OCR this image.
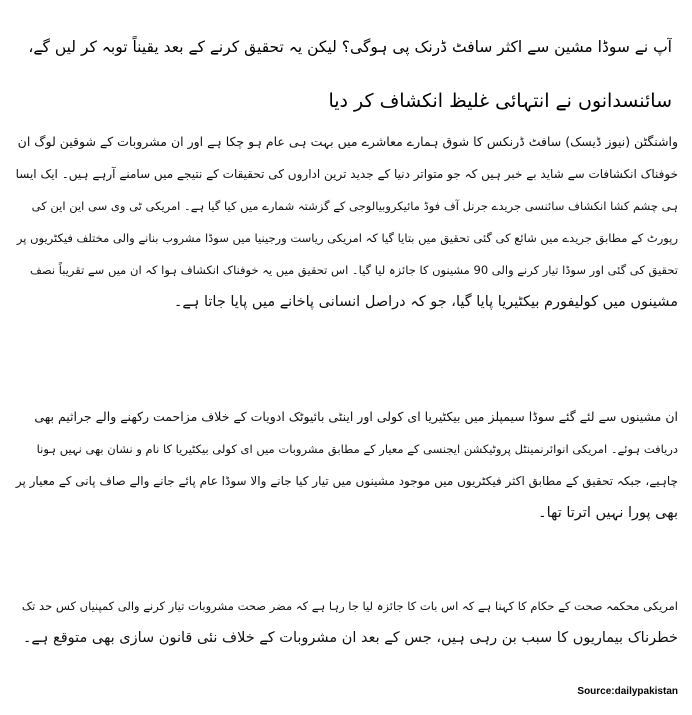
آپ نے سوڈا مشین سے اکثر سافٹ ڈرنک پی ہوگی؟ لیکن یہ تحقیق کرنے کے بعد یقیناً توبہ کر لیں گے،
سائنسدانوں نے انتہائی غلیظ انکشاف کر دیا
واشنگٹن (نیوز ڈیسک) سافٹ ڈرنکس کا شوق ہمارے معاشرے میں بہت ہی عام ہو چکا ہے اور ان مشروبات کے شوقین لوگ ان
خوفناک انکشافات سے شاید بے خبر ہیں کہ جو متواتر دنیا کے جدید ترین اداروں کی تحقیقات کے نتیجے میں سامنے آرہے ہیں۔ ایک ایسا
ہی چشم کشا انکشاف سائنسی جریدے جرنل آف فوڈ مائیکروبیالوجی کے گزشتہ شمارے میں کیا گیا ہے۔ امریکی ٹی وی سی این این کی
رپورٹ کے مطابق جریدے میں شائع کی گئی تحقیق میں بتایا گیا کہ امریکی ریاست ورجینیا میں سوڈا مشروب بنانے والی مختلف فیکٹریوں پر
تحقیق کی گئی اور سوڈا تیار کرنے والی 90 مشینوں کا جائزہ لیا گیا۔ اس تحقیق میں یہ خوفناک انکشاف ہوا کہ ان میں سے تقریباً نصف
مشینوں میں کولیفورم بیکٹیریا پایا گیا، جو کہ دراصل انسانی پاخانے میں پایا جاتا ہے۔
ان مشینوں سے لئے گئے سوڈا سیمپلز میں بیکٹیریا ای کولی اور اینٹی بائیوٹک ادویات کے خلاف مزاحمت رکھنے والے جراثیم بھی
دریافت ہوئے۔ امریکی انوائرنمینٹل پروٹیکشن ایجنسی کے معیار کے مطابق مشروبات میں ای کولی بیکٹیریا کا نام و نشان بھی نہیں ہونا
چاہیے، جبکہ تحقیق کے مطابق اکثر فیکٹریوں میں موجود مشینوں میں تیار کیا جانے والا سوڈا عام پائے جانے والے صاف پانی کے معیار پر
بھی پورا نہیں اترتا تھا۔
امریکی محکمہ صحت کے حکام کا کہنا ہے کہ اس بات کا جائزہ لیا جا رہا ہے کہ مضر صحت مشروبات تیار کرنے والی کمپنیاں کس حد تک
خطرناک بیماریوں کا سبب بن رہی ہیں، جس کے بعد ان مشروبات کے خلاف نئی قانون سازی بھی متوقع ہے۔
Source:dailypakistan
